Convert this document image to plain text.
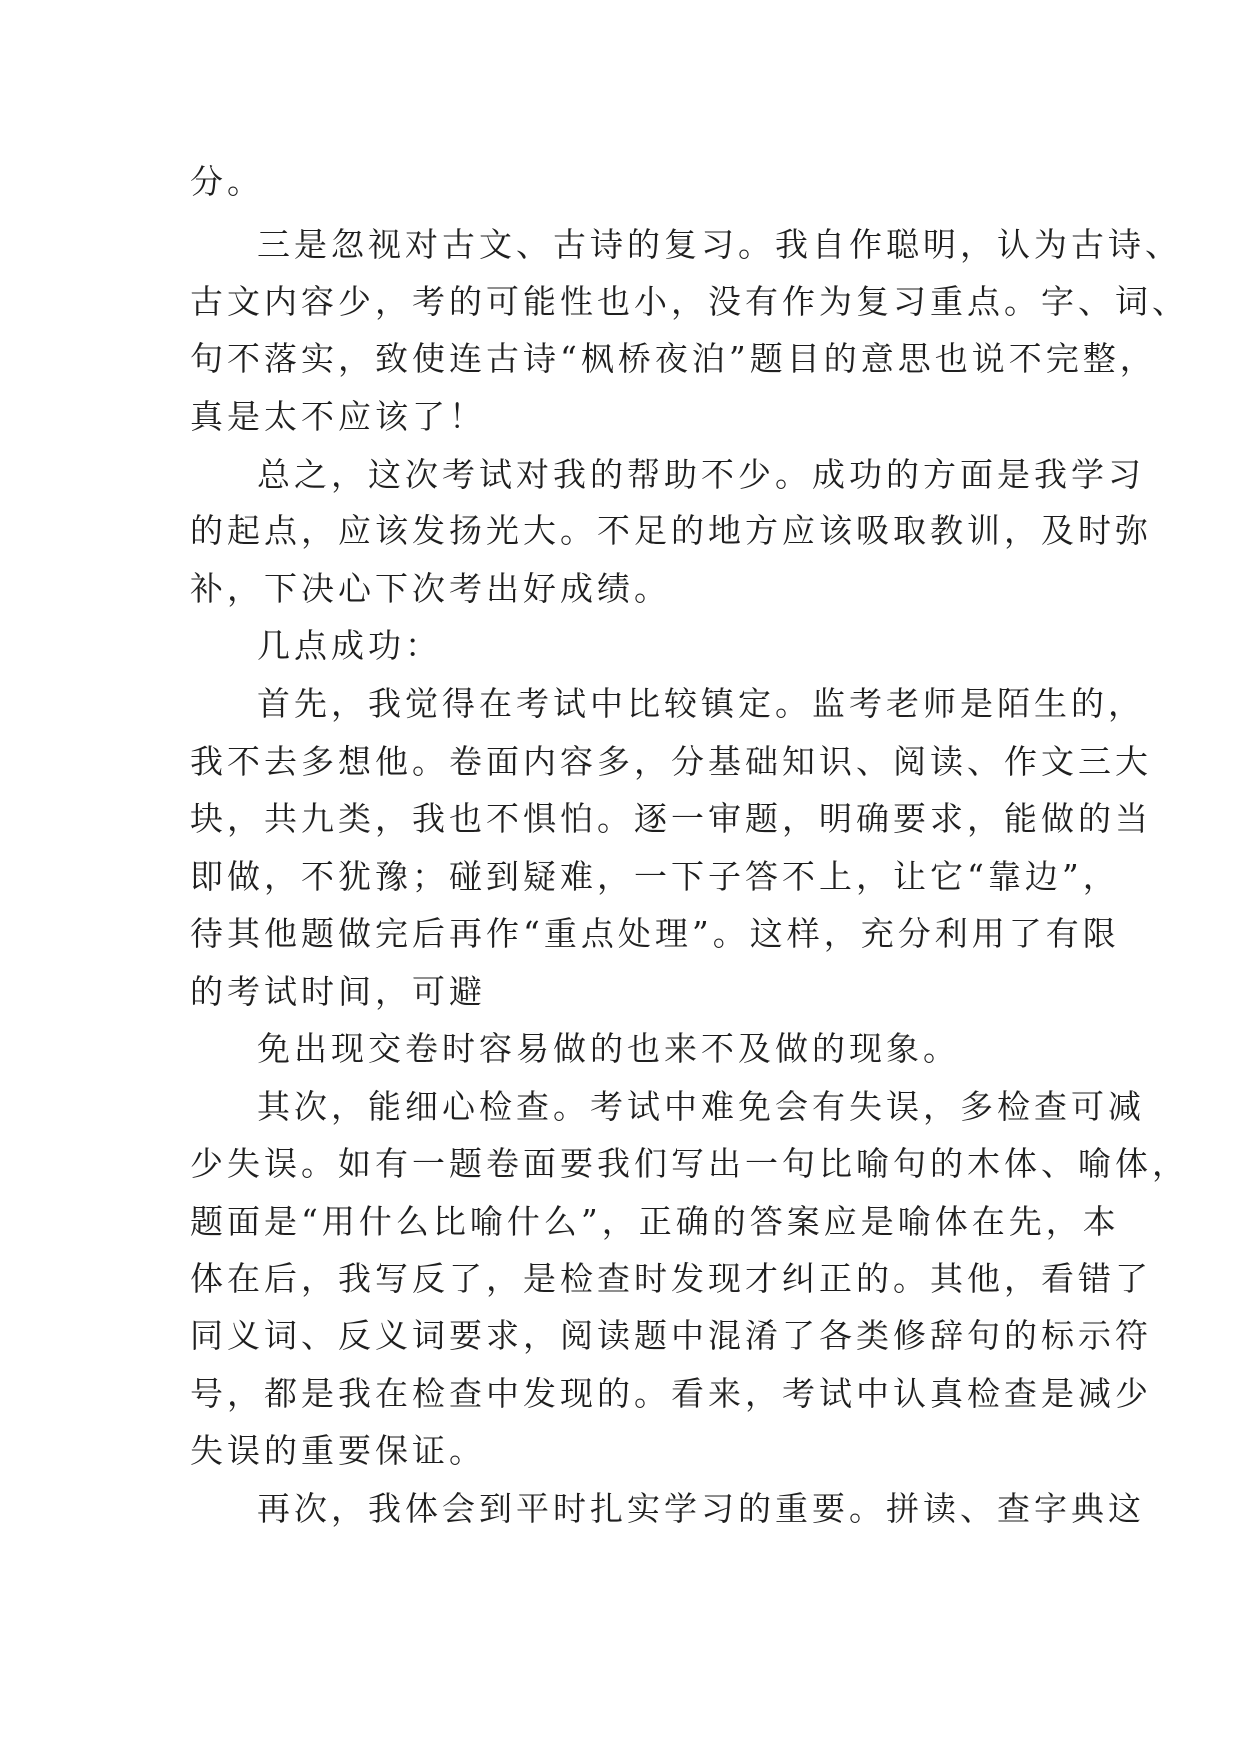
分。

三是忽视对古文、古诗的复习。我自作聪明，认为古诗、

古文内容少，考的可能性也小，没有作为复习重点。字、词、

句不落实，致使连古诗“枫桥夜泊”题目的意思也说不完整，

真是太不应该了！

总之，这次考试对我的帮助不少。成功的方面是我学习

的起点，应该发扬光大。不足的地方应该吸取教训，及时弥

补，下决心下次考出好成绩。

几点成功：

首先，我觉得在考试中比较镇定。监考老师是陌生的，

我不去多想他。卷面内容多，分基础知识、阅读、作文三大

块，共九类，我也不惧怕。逐一审题，明确要求，能做的当

即做，不犹豫；碰到疑难，一下子答不上，让它“靠边”，

待其他题做完后再作“重点处理”。这样，充分利用了有限

的考试时间，可避

免出现交卷时容易做的也来不及做的现象。

其次，能细心检查。考试中难免会有失误，多检查可减

少失误。如有一题卷面要我们写出一句比喻句的木体、喻体，

题面是“用什么比喻什么”，正确的答案应是喻体在先，本

体在后，我写反了，是检查时发现才纠正的。其他，看错了

同义词、反义词要求，阅读题中混淆了各类修辞句的标示符

号，都是我在检查中发现的。看来，考试中认真检查是减少

失误的重要保证。

再次，我体会到平时扎实学习的重要。拼读、查字典这
